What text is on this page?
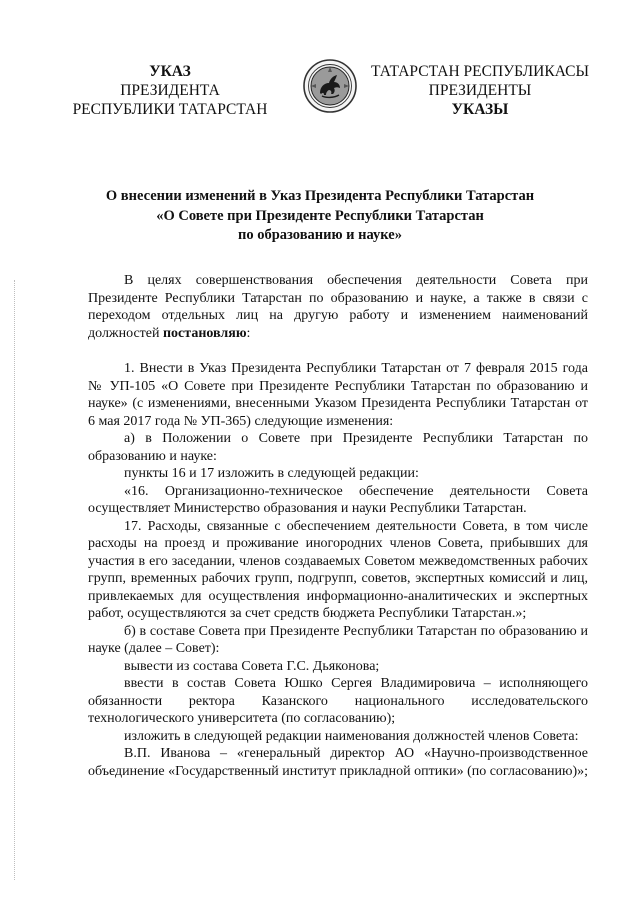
УКАЗ
ПРЕЗИДЕНТА
РЕСПУБЛИКИ ТАТАРСТАН
ТАТАРСТАН РЕСПУБЛИКАСЫ
ПРЕЗИДЕНТЫ
УКАЗЫ
О внесении изменений в Указ Президента Республики Татарстан
«О Совете при Президенте Республики Татарстан
по образованию и науке»

В целях совершенствования обеспечения деятельности Совета при Президенте Республики Татарстан по образованию и науке, а также в связи с переходом отдельных лиц на другую работу и изменением наименований должностей постановляю:

1. Внести в Указ Президента Республики Татарстан от 7 февраля 2015 года № УП-105 «О Совете при Президенте Республики Татарстан по образованию и науке» (с изменениями, внесенными Указом Президента Республики Татарстан от 6 мая 2017 года № УП-365) следующие изменения:

а) в Положении о Совете при Президенте Республики Татарстан по образованию и науке:

пункты 16 и 17 изложить в следующей редакции:

«16. Организационно-техническое обеспечение деятельности Совета осуществляет Министерство образования и науки Республики Татарстан.

17. Расходы, связанные с обеспечением деятельности Совета, в том числе расходы на проезд и проживание иногородних членов Совета, прибывших для участия в его заседании, членов создаваемых Советом межведомственных рабочих групп, временных рабочих групп, подгрупп, советов, экспертных комиссий и лиц, привлекаемых для осуществления информационно-аналитических и экспертных работ, осуществляются за счет средств бюджета Республики Татарстан.»;

б) в составе Совета при Президенте Республики Татарстан по образованию и науке (далее – Совет):

вывести из состава Совета Г.С. Дьяконова;

ввести в состав Совета Юшко Сергея Владимировича – исполняющего обязанности ректора Казанского национального исследовательского технологического университета (по согласованию);

изложить в следующей редакции наименования должностей членов Совета:

В.П. Иванова – «генеральный директор АО «Научно-производственное объединение «Государственный институт прикладной оптики» (по согласованию)»;
